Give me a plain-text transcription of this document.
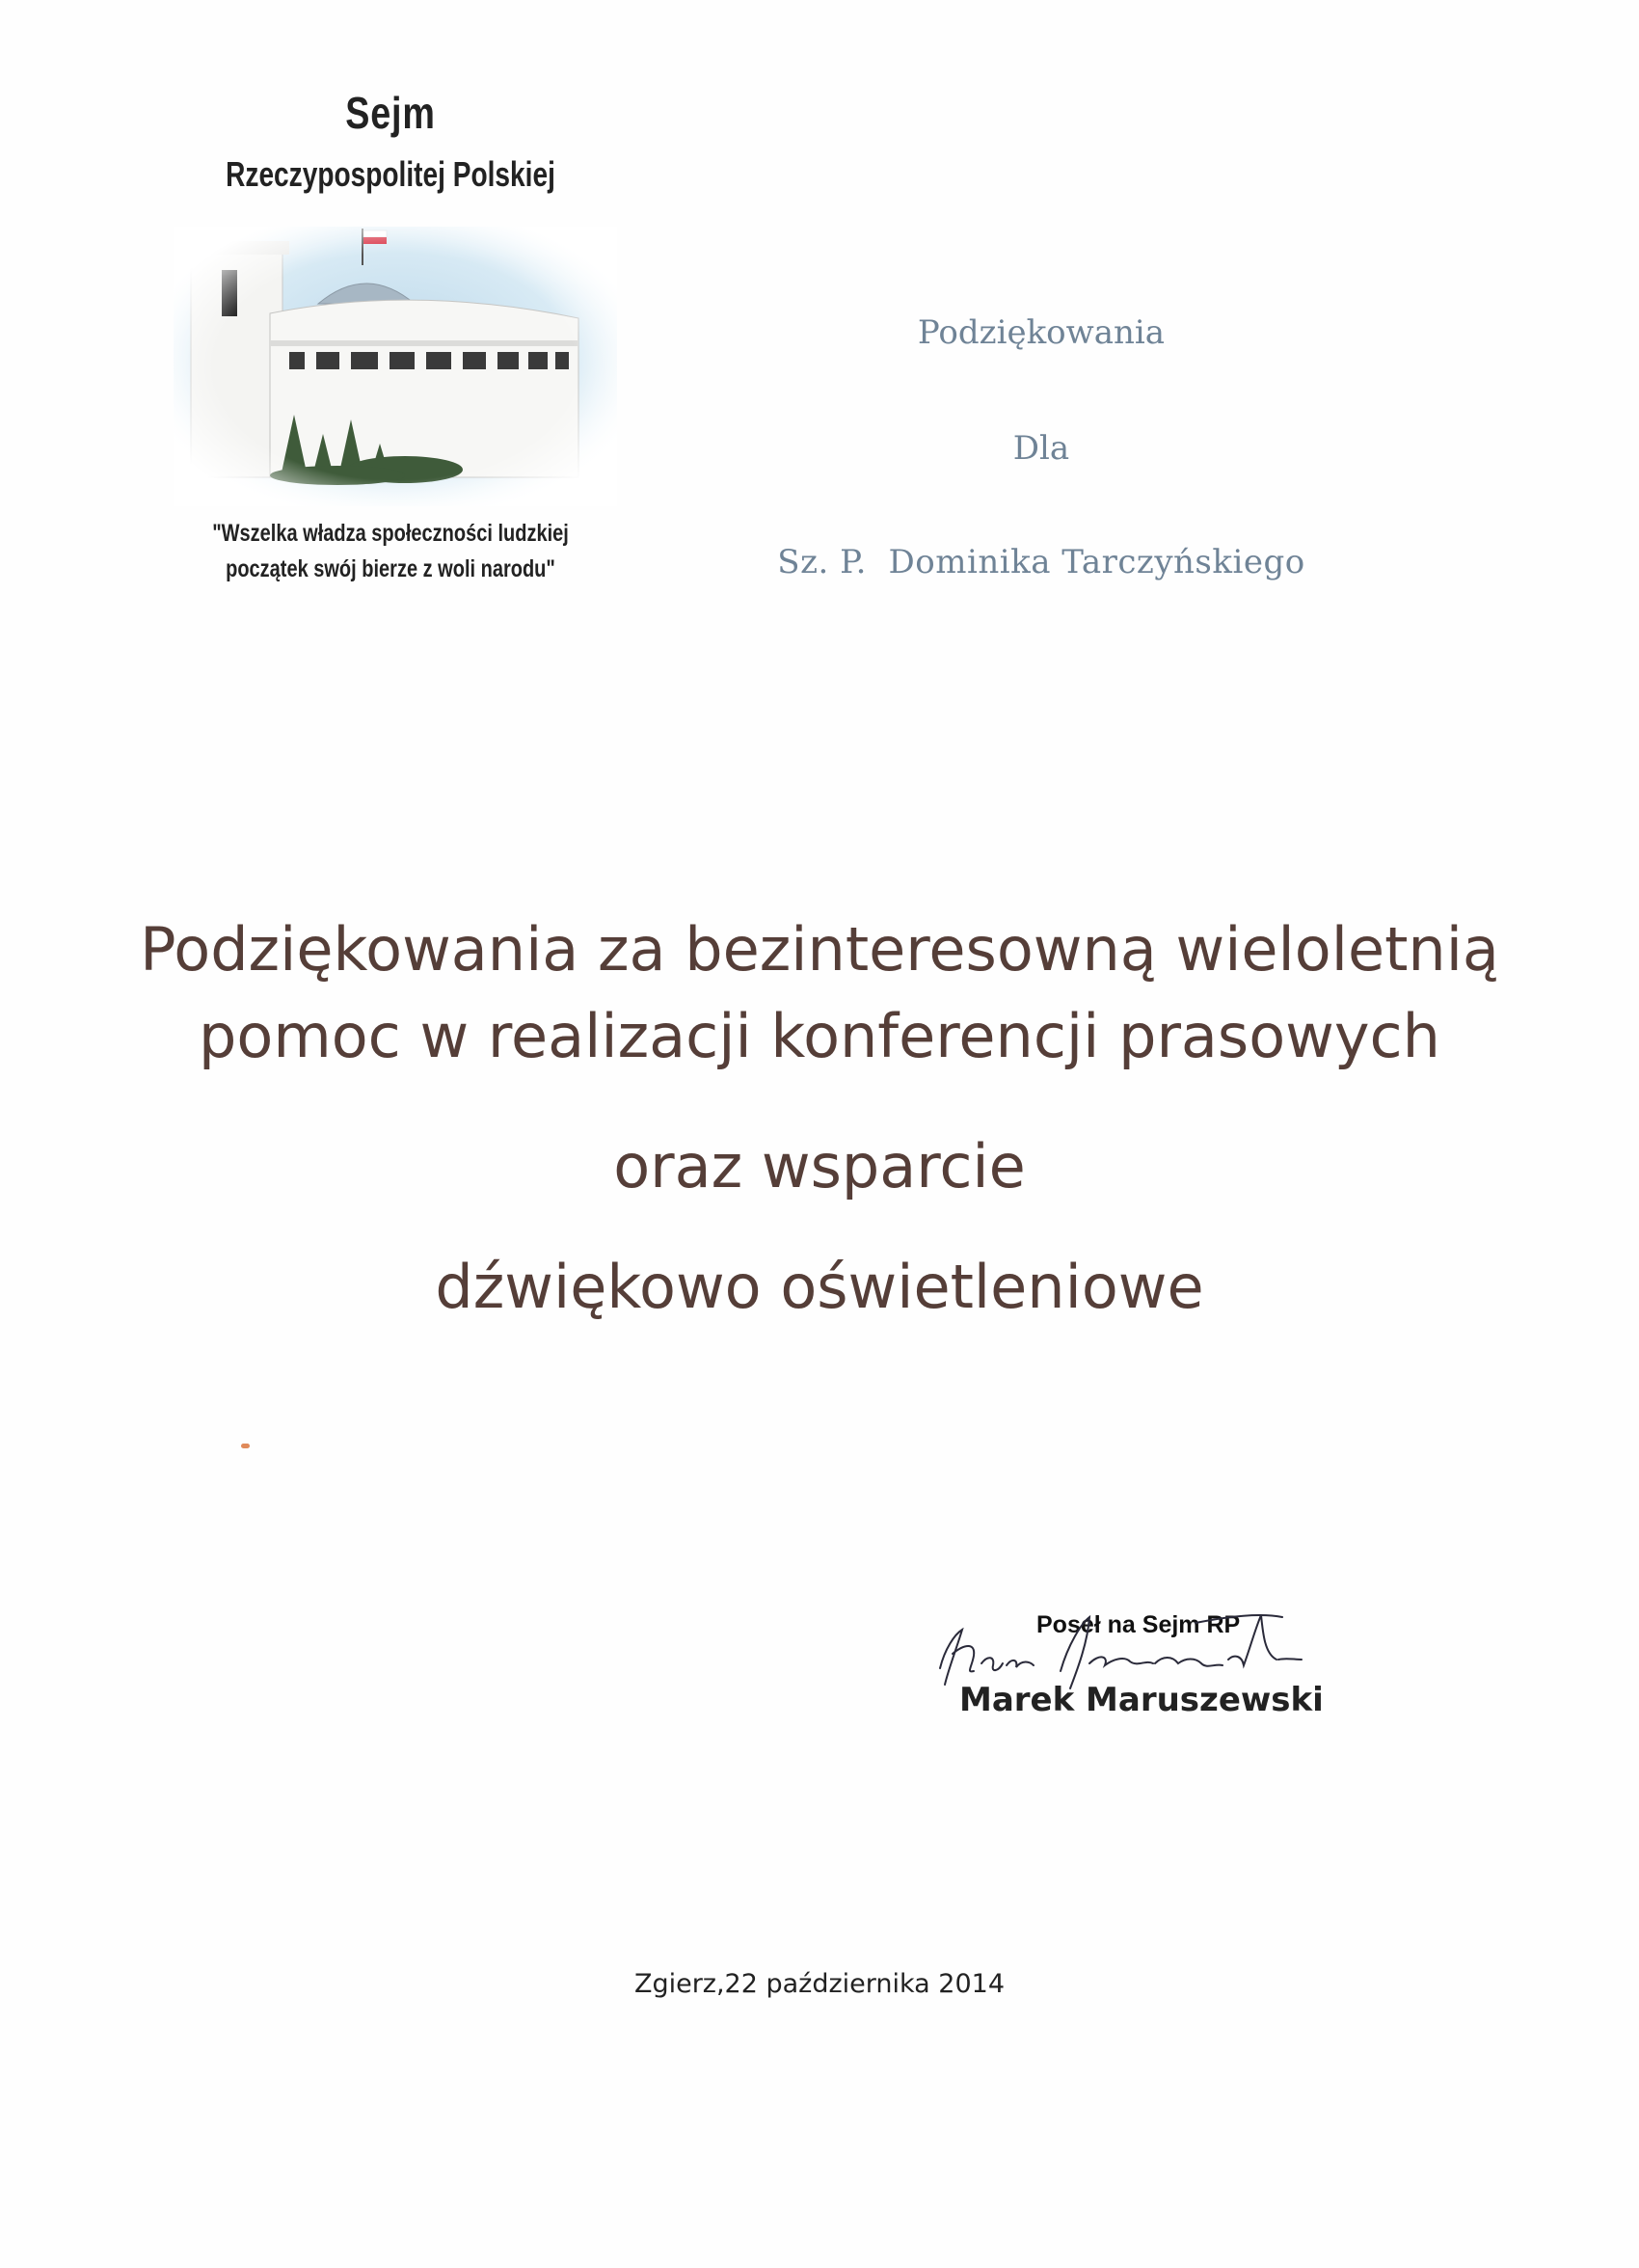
Sejm
Rzeczypospolitej Polskiej
"Wszelka władza społeczności ludzkiej
początek swój bierze z woli narodu"
Podziękowania
Dla
Sz. P.  Dominika Tarczyńskiego
Podziękowania za bezinteresowną wieloletnią
pomoc w realizacji konferencji prasowych
oraz wsparcie
dźwiękowo oświetleniowe
Poseł na Sejm RP
Marek Maruszewski
Zgierz,22 października 2014
